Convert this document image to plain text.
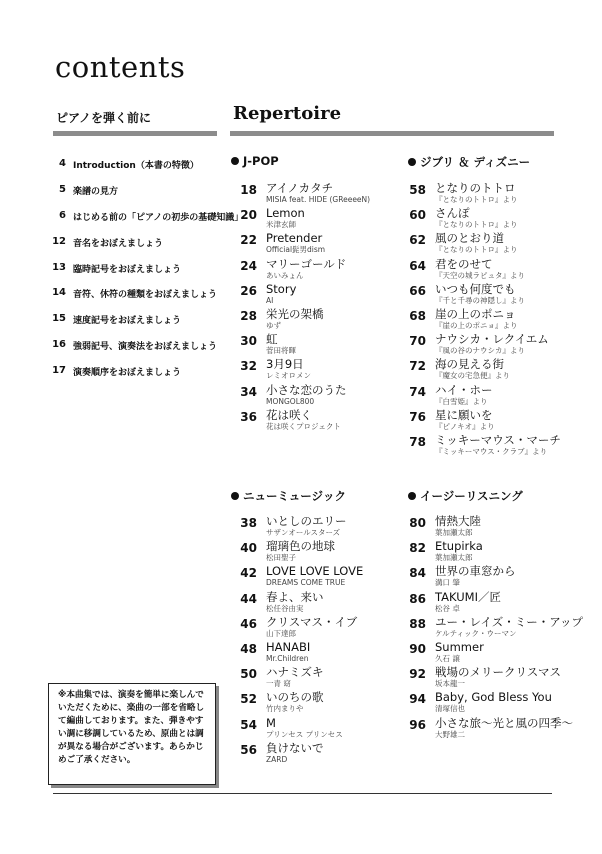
contents
ピアノを弾く前に	Repertoire
4 Introduction（本書の特徴）
5 楽譜の見方
6 はじめる前の「ピアノの初歩の基礎知識」
12 音名をおぼえましょう
13 臨時記号をおぼえましょう
14 音符、休符の種類をおぼえましょう
15 速度記号をおぼえましょう
16 強弱記号、演奏法をおぼえましょう
17 演奏順序をおぼえましょう
J-POP
18 アイノカタチ
MISIA feat. HIDE (GReeeeN)
20 Lemon
米津玄師
22 Pretender
Official髭男dism
24 マリーゴールド
あいみょん
26 Story
AI
28 栄光の架橋
ゆず
30 虹
菅田将暉
32 3月9日
レミオロメン
34 小さな恋のうた
MONGOL800
36 花は咲く
花は咲くプロジェクト
ジブリ ＆ ディズニー
58 となりのトトロ
『となりのトトロ』より
60 さんぽ
『となりのトトロ』より
62 風のとおり道
『となりのトトロ』より
64 君をのせて
『天空の城ラピュタ』より
66 いつも何度でも
『千と千尋の神隠し』より
68 崖の上のポニョ
『崖の上のポニョ』より
70 ナウシカ・レクイエム
『風の谷のナウシカ』より
72 海の見える街
『魔女の宅急便』より
74 ハイ・ホー
『白雪姫』より
76 星に願いを
『ピノキオ』より
78 ミッキーマウス・マーチ
『ミッキーマウス・クラブ』より
ニューミュージック
38 いとしのエリー
サザンオールスターズ
40 瑠璃色の地球
松田聖子
42 LOVE LOVE LOVE
DREAMS COME TRUE
44 春よ、来い
松任谷由実
46 クリスマス・イブ
山下達郎
48 HANABI
Mr.Children
50 ハナミズキ
一青 窈
52 いのちの歌
竹内まりや
54 M
プリンセス プリンセス
56 負けないで
ZARD
イージーリスニング
80 情熱大陸
葉加瀬太郎
82 Etupirka
葉加瀬太郎
84 世界の車窓から
溝口 肇
86 TAKUMI／匠
松谷 卓
88 ユー・レイズ・ミー・アップ
ケルティック・ウーマン
90 Summer
久石 譲
92 戦場のメリークリスマス
坂本龍一
94 Baby, God Bless You
清塚信也
96 小さな旅～光と風の四季～
大野雄二

※本曲集では、演奏を簡単に楽しんでいただくために、楽曲の一部を省略して編曲しております。また、弾きやすい調に移調しているため、原曲とは調が異なる場合がございます。あらかじめご了承ください。
